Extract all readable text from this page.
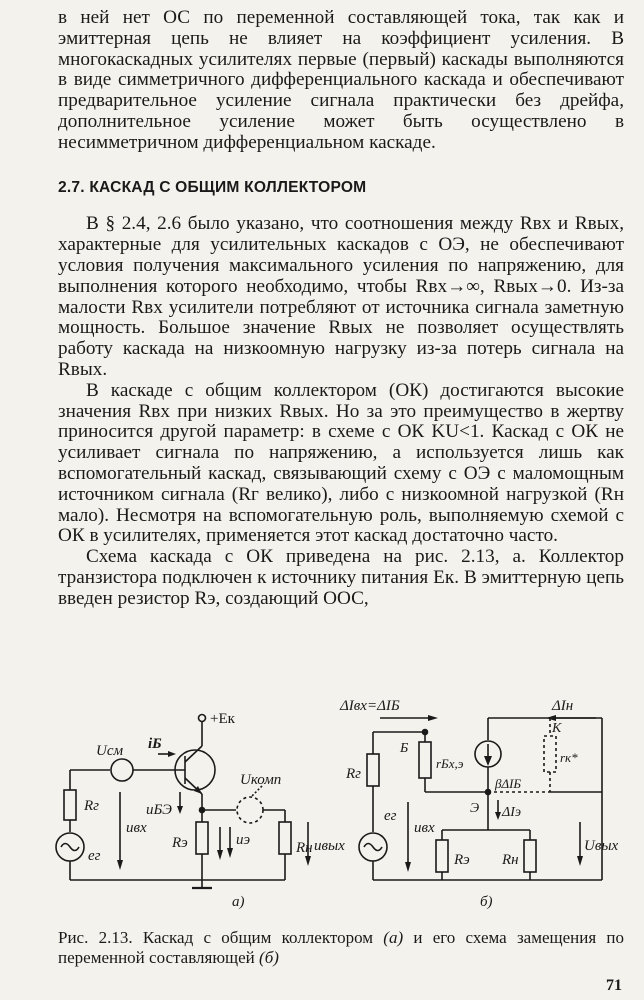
в ней нет ОС по переменной составляющей тока, так как и эмиттерная цепь не влияет на коэффициент усиления. В многокаскадных усилителях первые (первый) каскады выполняются в виде симметричного дифференциального каскада и обеспечивают предварительное усиление сигнала практически без дрейфа, дополнительное усиление может быть осуществлено в несимметричном дифференциальном каскаде.

2.7. КАСКАД С ОБЩИМ КОЛЛЕКТОРОМ

В § 2.4, 2.6 было указано, что соотношения между Rвх и Rвых, характерные для усилительных каскадов с ОЭ, не обеспечивают условия получения максимального усиления по напряжению, для выполнения которого необходимо, чтобы Rвх→∞, Rвых→0. Из-за малости Rвх усилители потребляют от источника сигнала заметную мощность. Большое значение Rвых не позволяет осуществлять работу каскада на низкоомную нагрузку из-за потерь сигнала на Rвых.

В каскаде с общим коллектором (ОК) достигаются высокие значения Rвх при низких Rвых. Но за это преимущество в жертву приносится другой параметр: в схеме с ОК KU<1. Каскад с ОК не усиливает сигнала по напряжению, а используется лишь как вспомогательный каскад, связывающий схему с ОЭ с маломощным источником сигнала (Rг велико), либо с низкоомной нагрузкой (Rн мало). Несмотря на вспомогательную роль, выполняемую схемой с ОК в усилителях, применяется этот каскад достаточно часто.

Схема каскада с ОК приведена на рис. 2.13, а. Коллектор транзистора подключен к источнику питания Eк. В эмиттерную цепь введен резистор Rэ, создающий ООС,

+Eк
Uсм iБ
Rг
eг
uвх
uБЭ
Rэ
Uкомп
uэ	Rн uвых
а)
ΔIвх=ΔIБ	ΔIн
Б
rБх,э
βΔIБ
К
rк*
Rг
eг
uвх
Э ΔIэ
Rэ Rн
Uвых
б)
Рис. 2.13. Каскад с общим коллектором (а) и его схема замещения по переменной составляющей (б)
71
